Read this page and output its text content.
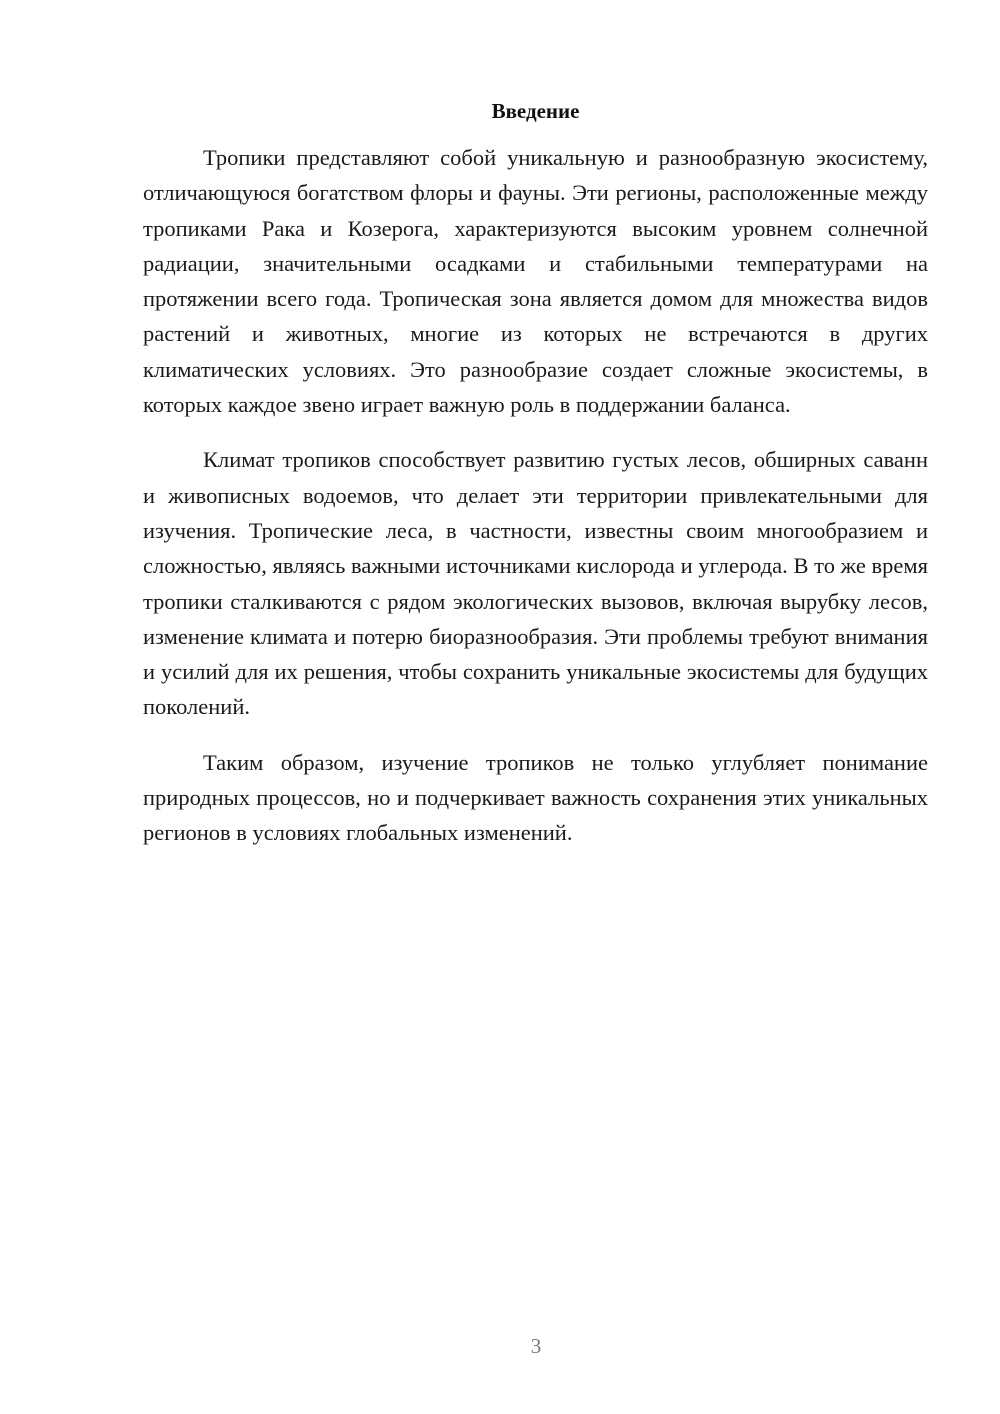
Введение

Тропики представляют собой уникальную и разнообразную экосистему, отличающуюся богатством флоры и фауны. Эти регионы, расположенные между тропиками Рака и Козерога, характеризуются высоким уровнем солнечной радиации, значительными осадками и стабильными температурами на протяжении всего года. Тропическая зона является домом для множества видов растений и животных, многие из которых не встречаются в других климатических условиях. Это разнообразие создает сложные экосистемы, в которых каждое звено играет важную роль в поддержании баланса.

Климат тропиков способствует развитию густых лесов, обширных саванн и живописных водоемов, что делает эти территории привлекательными для изучения. Тропические леса, в частности, известны своим многообразием и сложностью, являясь важными источниками кислорода и углерода. В то же время тропики сталкиваются с рядом экологических вызовов, включая вырубку лесов, изменение климата и потерю биоразнообразия. Эти проблемы требуют внимания и усилий для их решения, чтобы сохранить уникальные экосистемы для будущих поколений.

Таким образом, изучение тропиков не только углубляет понимание природных процессов, но и подчеркивает важность сохранения этих уникальных регионов в условиях глобальных изменений.

3
